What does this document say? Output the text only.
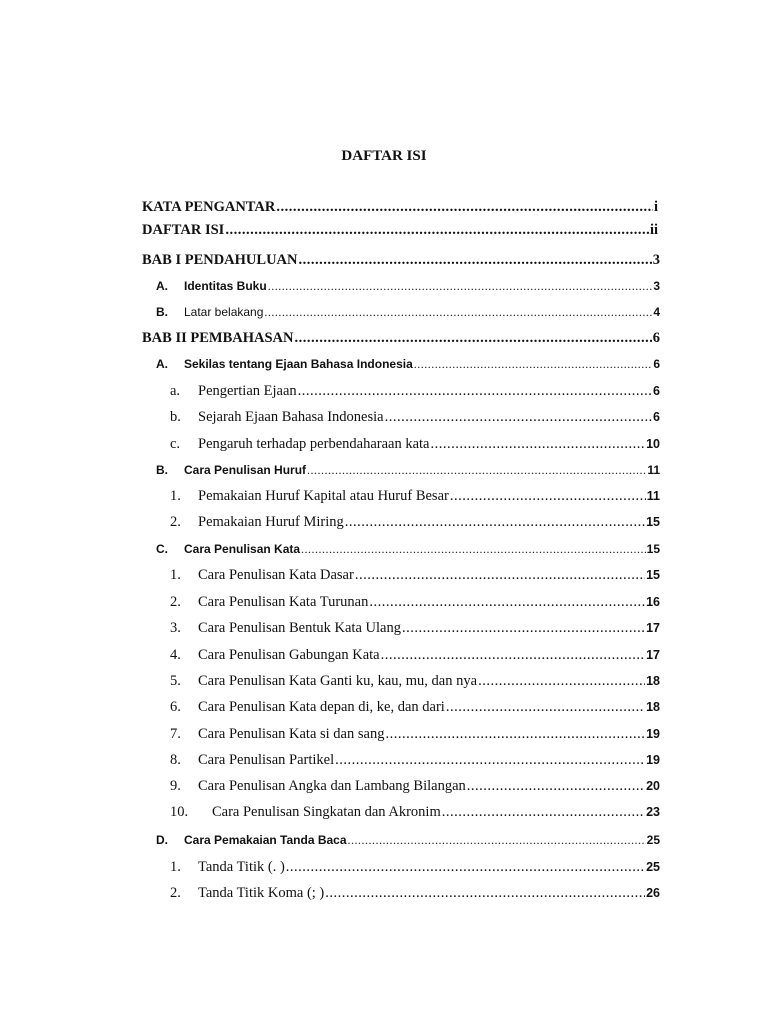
DAFTAR ISI
KATA PENGANTAR .....	i
DAFTAR ISI .....	ii
BAB I PENDAHULUAN .....	3
A.	Identitas Buku .....	3
B.	Latar belakang .....	4
BAB II PEMBAHASAN .....	6
A.	Sekilas tentang Ejaan Bahasa Indonesia .....	6
a.	Pengertian Ejaan .....	6
b.	Sejarah Ejaan Bahasa Indonesia .....	6
c.	Pengaruh terhadap perbendaharaan kata .....	10
B.	Cara Penulisan Huruf .....	11
1.	Pemakaian Huruf Kapital atau Huruf Besar .....	11
2.	Pemakaian Huruf Miring .....	15
C.	Cara Penulisan Kata .....	15
1.	Cara Penulisan Kata Dasar .....	15
2.	Cara Penulisan Kata Turunan .....	16
3.	Cara Penulisan Bentuk Kata Ulang .....	17
4.	Cara Penulisan Gabungan Kata .....	17
5.	Cara Penulisan Kata Ganti ku, kau, mu, dan nya .....	18
6.	Cara Penulisan Kata depan di, ke, dan dari .....	18
7.	Cara Penulisan Kata si dan sang .....	19
8.	Cara Penulisan Partikel .....	19
9.	Cara Penulisan Angka dan Lambang Bilangan .....	20
10.	Cara Penulisan Singkatan dan Akronim .....	23
D.	Cara Pemakaian Tanda Baca .....	25
1.	Tanda Titik (. ) .....	25
2.	Tanda Titik Koma (; ) .....	26
